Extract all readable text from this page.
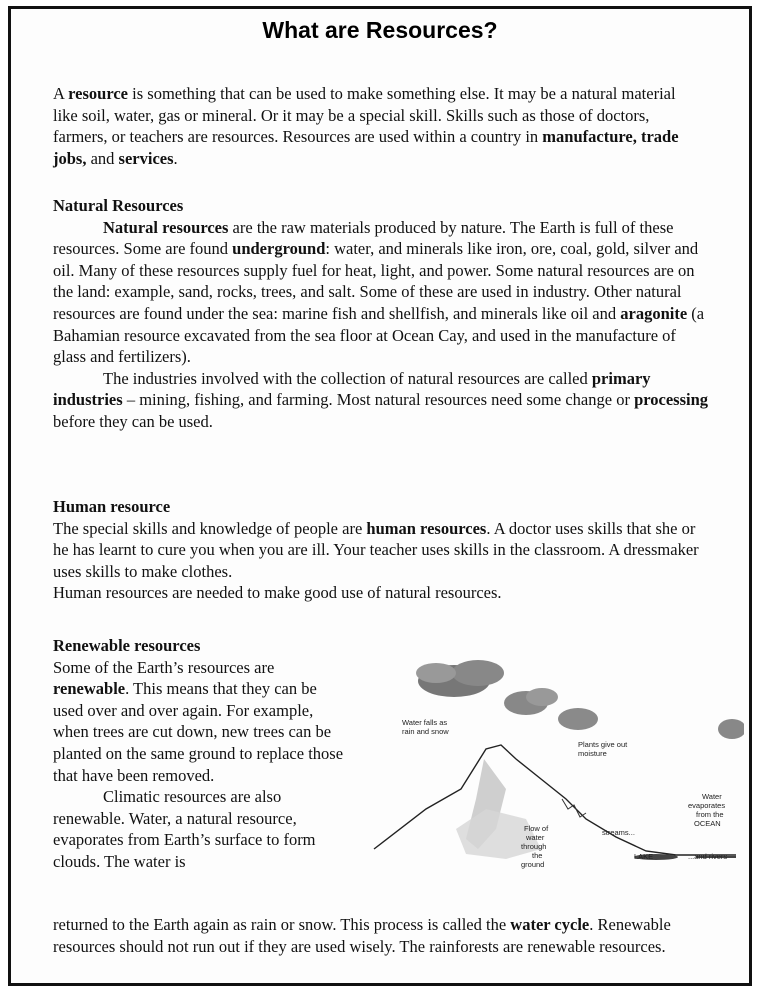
What are Resources?

A resource is something that can be used to make something else. It may be a natural material like soil, water, gas or mineral. Or it may be a special skill. Skills such as those of doctors, farmers, or teachers are resources. Resources are used within a country in manufacture, trade jobs, and services.

Natural Resources

Natural resources are the raw materials produced by nature. The Earth is full of these resources. Some are found underground: water, and minerals like iron, ore, coal, gold, silver and oil. Many of these resources supply fuel for heat, light, and power. Some natural resources are on the land: example, sand, rocks, trees, and salt. Some of these are used in industry. Other natural resources are found under the sea: marine fish and shellfish, and minerals like oil and aragonite (a Bahamian resource excavated from the sea floor at Ocean Cay, and used in the manufacture of glass and fertilizers).

The industries involved with the collection of natural resources are called primary industries – mining, fishing, and farming. Most natural resources need some change or processing before they can be used.

Human resource

The special skills and knowledge of people are human resources. A doctor uses skills that she or he has learnt to cure you when you are ill. Your teacher uses skills in the classroom. A dressmaker uses skills to make clothes.

Human resources are needed to make good use of natural resources.

Renewable resources

Some of the Earth’s resources are renewable. This means that they can be used over and over again. For example, when trees are cut down, new trees can be planted on the same ground to replace those that have been removed.

Climatic resources are also renewable. Water, a natural resource, evaporates from Earth’s surface to form clouds. The water is

returned to the Earth again as rain or snow. This process is called the water cycle. Renewable resources should not run out if they are used wisely. The rainforests are renewable resources.

Water falls as
rain and snow
Plants give out
moisture
Water
evaporates
from the
OCEAN
Flow of
water
through
the
ground
streams...
LAKE	...and rivers
